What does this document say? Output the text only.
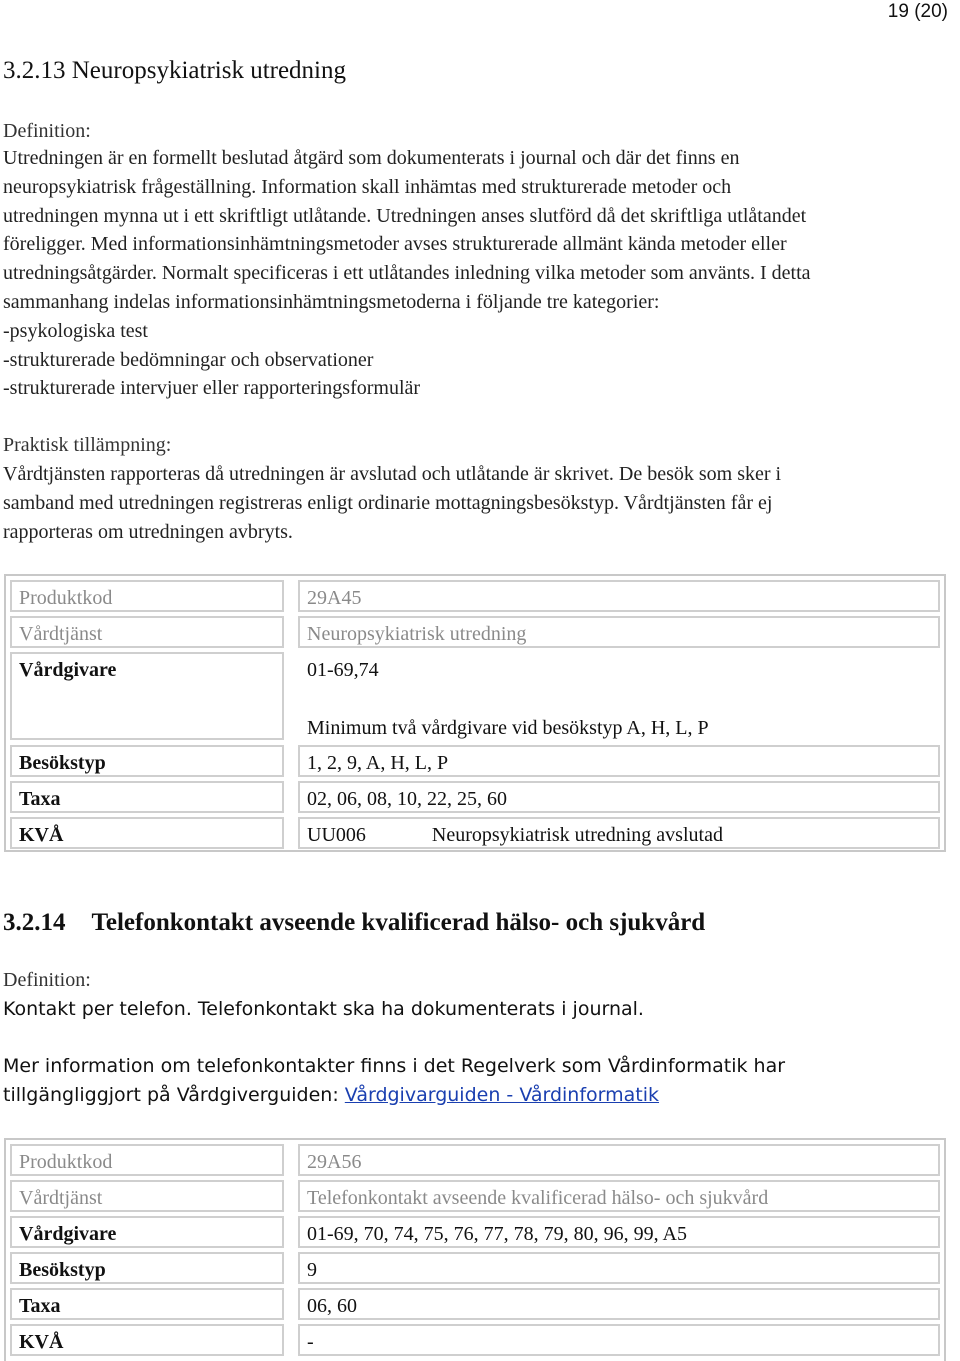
19 (20)
3.2.13 Neuropsykiatrisk utredning
Definition:
Utredningen är en formellt beslutad åtgärd som dokumenterats i journal och där det finns en
neuropsykiatrisk frågeställning. Information skall inhämtas med strukturerade metoder och
utredningen mynna ut i ett skriftligt utlåtande. Utredningen anses slutförd då det skriftliga utlåtandet
föreligger. Med informationsinhämtningsmetoder avses strukturerade allmänt kända metoder eller
utredningsåtgärder. Normalt specificeras i ett utlåtandes inledning vilka metoder som använts. I detta
sammanhang indelas informationsinhämtningsmetoderna i följande tre kategorier:
-psykologiska test
-strukturerade bedömningar och observationer
-strukturerade intervjuer eller rapporteringsformulär
Praktisk tillämpning:
Vårdtjänsten rapporteras då utredningen är avslutad och utlåtande är skrivet. De besök som sker i
samband med utredningen registreras enligt ordinarie mottagningsbesökstyp. Vårdtjänsten får ej
rapporteras om utredningen avbryts.
Produktkod	29A45
Vårdtjänst	Neuropsykiatrisk utredning
Vårdgivare	01-69,74
Minimum två vårdgivare vid besökstyp A, H, L, P
Besökstyp	1, 2, 9, A, H, L, P
Taxa	02, 06, 08, 10, 22, 25, 60
KVÅ	UU006	Neuropsykiatrisk utredning avslutad
3.2.14 Telefonkontakt avseende kvalificerad hälso- och sjukvård
Definition:
Kontakt per telefon. Telefonkontakt ska ha dokumenterats i journal.
Mer information om telefonkontakter finns i det Regelverk som Vårdinformatik har
tillgängliggjort på Vårdgiverguiden: Vårdgivarguiden - Vårdinformatik
Produktkod	29A56
Vårdtjänst	Telefonkontakt avseende kvalificerad hälso- och sjukvård
Vårdgivare	01-69, 70, 74, 75, 76, 77, 78, 79, 80, 96, 99, A5
Besökstyp	9
Taxa	06, 60
KVÅ	-
